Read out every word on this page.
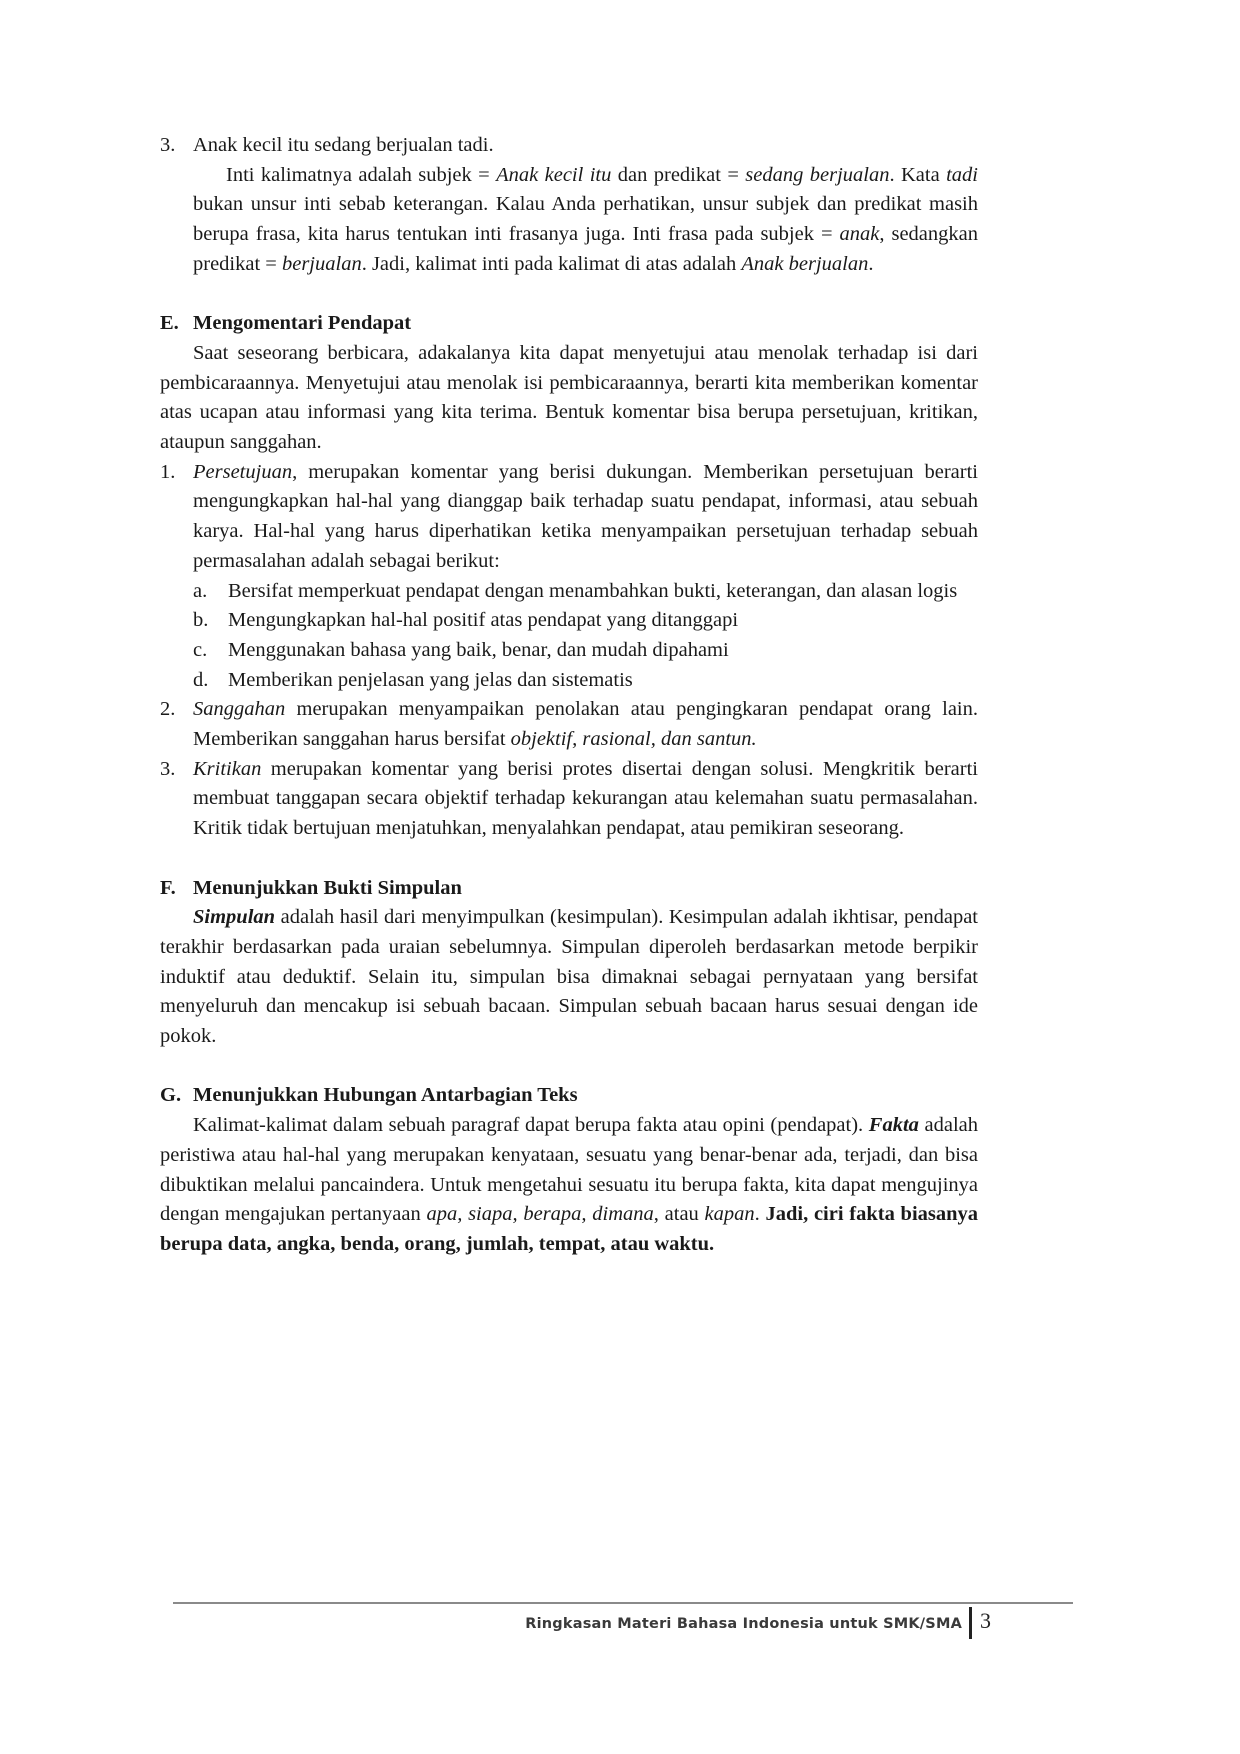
3. Anak kecil itu sedang berjualan tadi.

Inti kalimatnya adalah subjek = Anak kecil itu dan predikat = sedang berjualan. Kata tadi bukan unsur inti sebab keterangan. Kalau Anda perhatikan, unsur subjek dan predikat masih berupa frasa, kita harus tentukan inti frasanya juga. Inti frasa pada subjek = anak, sedangkan predikat = berjualan. Jadi, kalimat inti pada kalimat di atas adalah Anak berjualan.

E. Mengomentari Pendapat

Saat seseorang berbicara, adakalanya kita dapat menyetujui atau menolak terhadap isi dari pembicaraannya. Menyetujui atau menolak isi pembicaraannya, berarti kita memberikan komentar atas ucapan atau informasi yang kita terima. Bentuk komentar bisa berupa persetujuan, kritikan, ataupun sanggahan.

1. Persetujuan, merupakan komentar yang berisi dukungan. Memberikan persetujuan berarti mengungkapkan hal-hal yang dianggap baik terhadap suatu pendapat, informasi, atau sebuah karya. Hal-hal yang harus diperhatikan ketika menyampaikan persetujuan terhadap sebuah permasalahan adalah sebagai berikut:
a. Bersifat memperkuat pendapat dengan menambahkan bukti, keterangan, dan alasan logis
b. Mengungkapkan hal-hal positif atas pendapat yang ditanggapi
c. Menggunakan bahasa yang baik, benar, dan mudah dipahami
d. Memberikan penjelasan yang jelas dan sistematis
2. Sanggahan merupakan menyampaikan penolakan atau pengingkaran pendapat orang lain. Memberikan sanggahan harus bersifat objektif, rasional, dan santun.
3. Kritikan merupakan komentar yang berisi protes disertai dengan solusi. Mengkritik berarti membuat tanggapan secara objektif terhadap kekurangan atau kelemahan suatu permasalahan. Kritik tidak bertujuan menjatuhkan, menyalahkan pendapat, atau pemikiran seseorang.
F. Menunjukkan Bukti Simpulan

Simpulan adalah hasil dari menyimpulkan (kesimpulan). Kesimpulan adalah ikhtisar, pendapat terakhir berdasarkan pada uraian sebelumnya. Simpulan diperoleh berdasarkan metode berpikir induktif atau deduktif. Selain itu, simpulan bisa dimaknai sebagai pernyataan yang bersifat menyeluruh dan mencakup isi sebuah bacaan. Simpulan sebuah bacaan harus sesuai dengan ide pokok.

G. Menunjukkan Hubungan Antarbagian Teks

Kalimat-kalimat dalam sebuah paragraf dapat berupa fakta atau opini (pendapat). Fakta adalah peristiwa atau hal-hal yang merupakan kenyataan, sesuatu yang benar-benar ada, terjadi, dan bisa dibuktikan melalui pancaindera. Untuk mengetahui sesuatu itu berupa fakta, kita dapat mengujinya dengan mengajukan pertanyaan apa, siapa, berapa, dimana, atau kapan. Jadi, ciri fakta biasanya berupa data, angka, benda, orang, jumlah, tempat, atau waktu.

Ringkasan Materi Bahasa Indonesia untuk SMK/SMA 3
